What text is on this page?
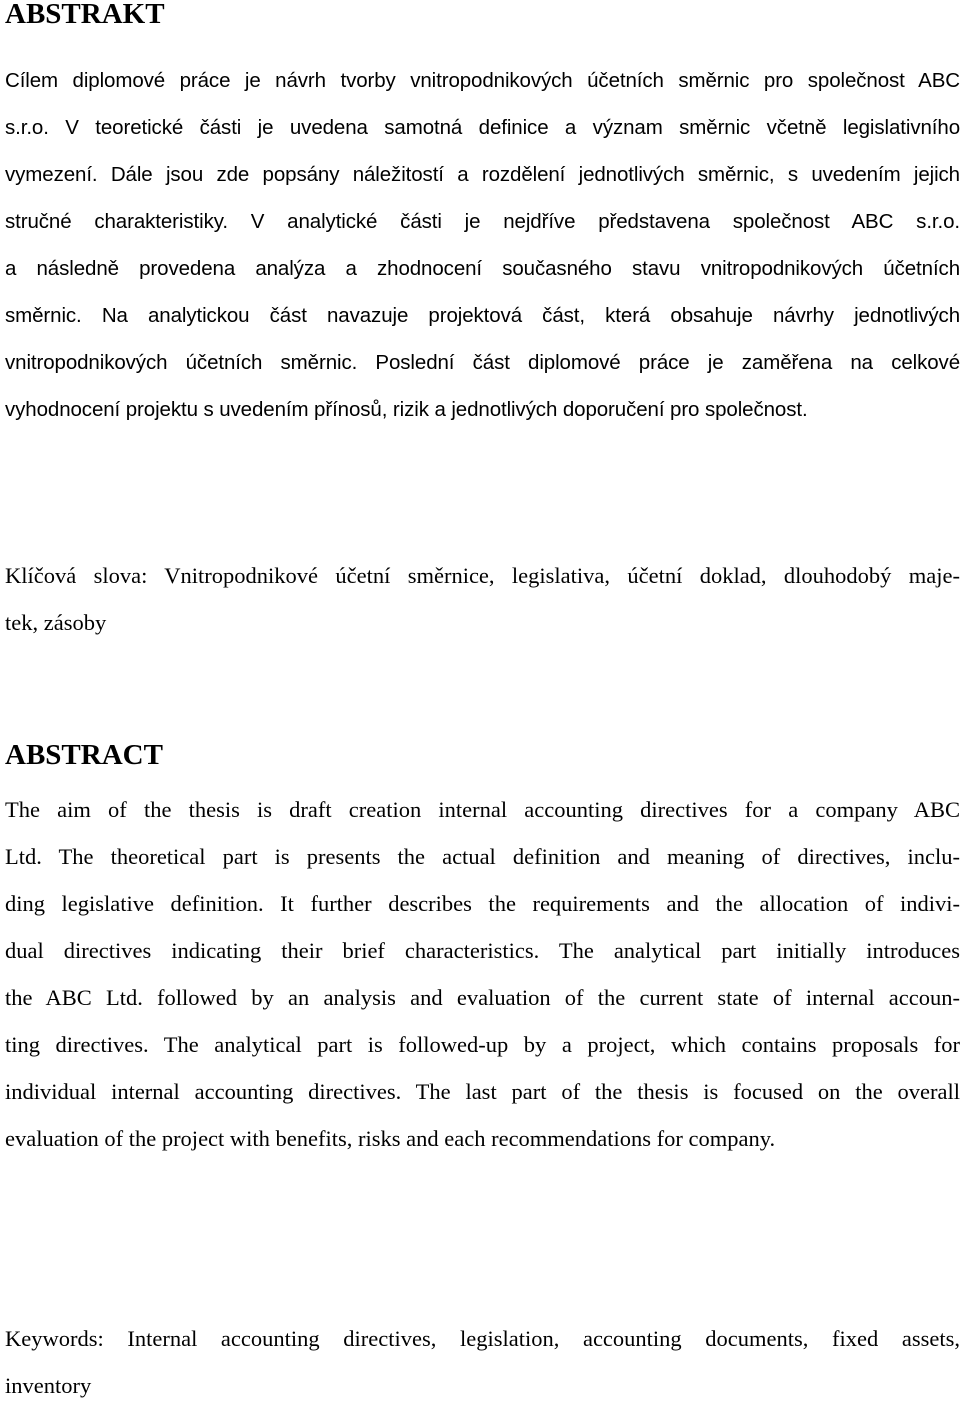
ABSTRAKT
Cílem diplomové práce je návrh tvorby vnitropodnikových účetních směrnic pro společnost ABC
s.r.o. V teoretické části je uvedena samotná definice a význam směrnic včetně legislativního
vymezení. Dále jsou zde popsány náležitostí a rozdělení jednotlivých směrnic, s uvedením jejich
stručné charakteristiky. V analytické části je nejdříve představena společnost ABC s.r.o.
a následně provedena analýza a zhodnocení současného stavu vnitropodnikových účetních
směrnic. Na analytickou část navazuje projektová část, která obsahuje návrhy jednotlivých
vnitropodnikových účetních směrnic. Poslední část diplomové práce je zaměřena na celkové
vyhodnocení projektu s uvedením přínosů, rizik a jednotlivých doporučení pro společnost.
Klíčová slova: Vnitropodnikové účetní směrnice, legislativa, účetní doklad, dlouhodobý maje-
tek, zásoby
ABSTRACT
The aim of the thesis is draft creation internal accounting directives for a company ABC
Ltd. The theoretical part is presents the actual definition and meaning of directives, inclu-
ding legislative definition. It further describes the requirements and the allocation of indivi-
dual directives indicating their brief characteristics. The analytical part initially introduces
the ABC Ltd. followed by an analysis and evaluation of the current state of internal accoun-
ting directives. The analytical part is followed-up by a project, which contains proposals for
individual internal accounting directives. The last part of the thesis is focused on the overall
evaluation of the project with benefits, risks and each recommendations for company.
Keywords: Internal accounting directives, legislation, accounting documents, fixed assets,
inventory
